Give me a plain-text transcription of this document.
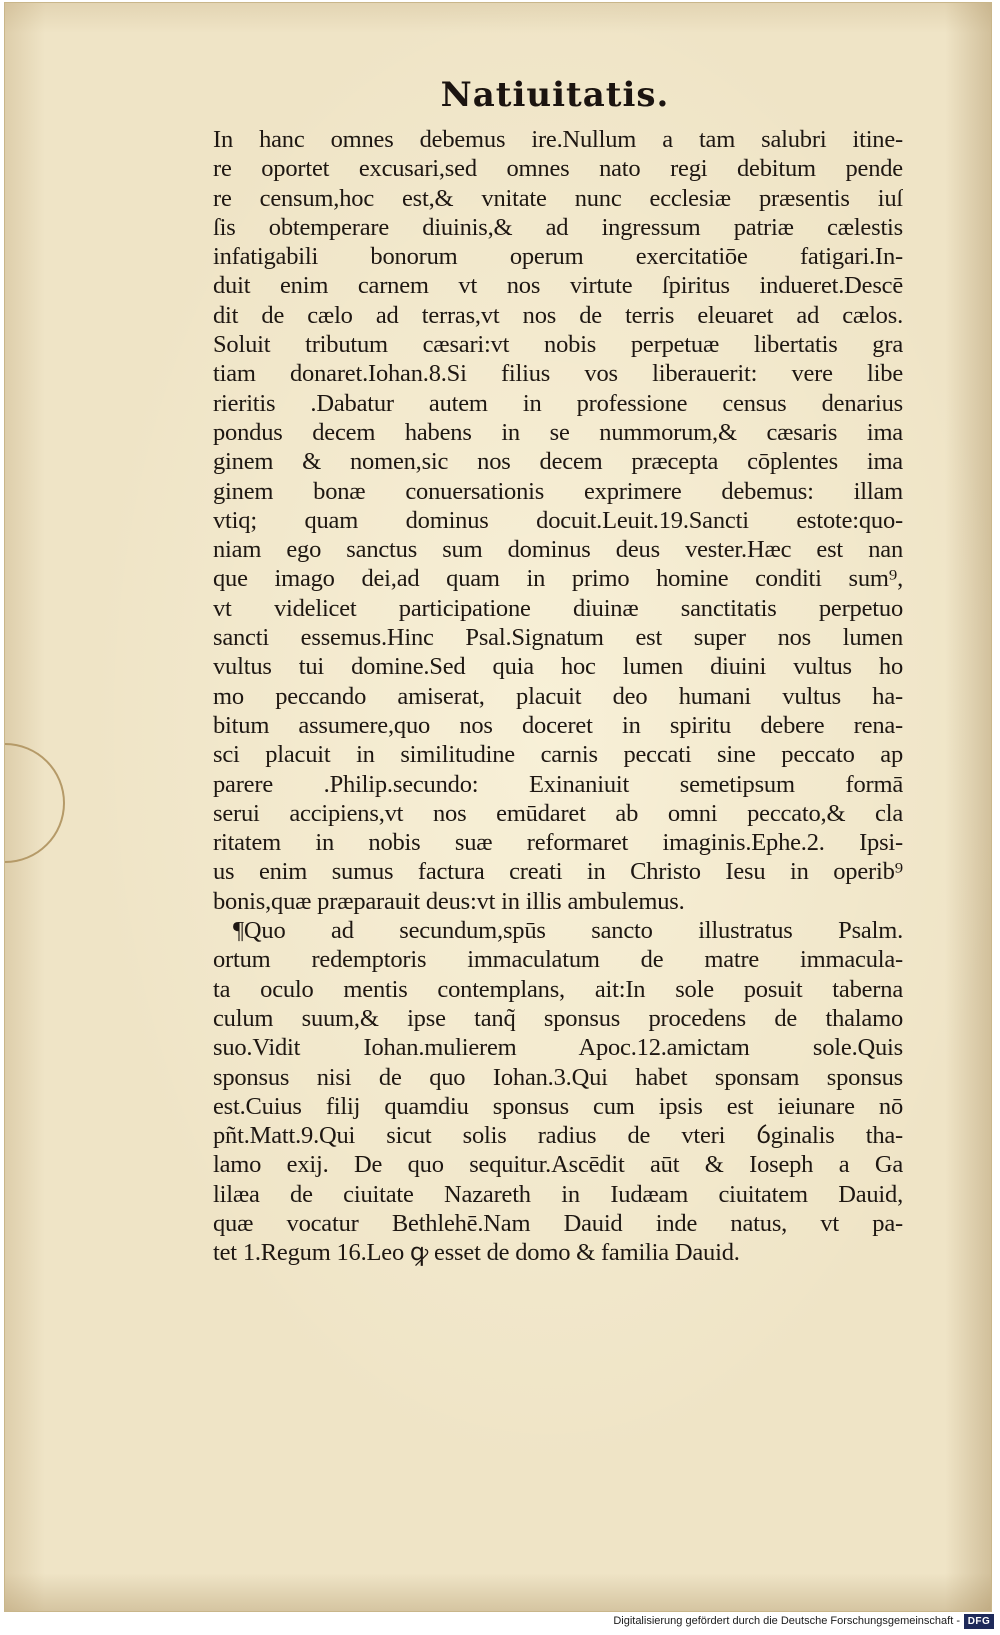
Natiuitatis.
In hanc omnes debemus ire.Nullum a tam salubri itine-
re oportet excusari,sed omnes nato regi debitum pende
re censum,hoc est,& vnitate nunc ecclesiæ præsentis iuſ
ſis obtemperare diuinis,& ad ingressum patriæ cælestis
infatigabili bonorum operum exercitatiōe fatigari.In-
duit enim carnem vt nos virtute ſpiritus indueret.Descē
dit de cælo ad terras,vt nos de terris eleuaret ad cælos.
Soluit tributum cæsari:vt nobis perpetuæ libertatis gra
tiam donaret.Iohan.8.Si filius vos liberauerit: vere libe
rieritis .Dabatur autem in professione census denarius
pondus decem habens in se nummorum,& cæsaris ima
ginem & nomen,sic nos decem præcepta cōplentes ima
ginem bonæ conuersationis exprimere debemus: illam
vtiq; quam dominus docuit.Leuit.19.Sancti estote:quo-
niam ego sanctus sum dominus deus vester.Hæc est nan
que imago dei,ad quam in primo homine conditi sum⁹,
vt videlicet participatione diuinæ sanctitatis perpetuo
sancti essemus.Hinc Psal.Signatum est super nos lumen
vultus tui domine.Sed quia hoc lumen diuini vultus ho
mo peccando amiserat, placuit deo humani vultus ha-
bitum assumere,quo nos doceret in spiritu debere rena-
sci placuit in similitudine carnis peccati sine peccato ap
parere .Philip.secundo: Exinaniuit semetipsum formā
serui accipiens,vt nos emūdaret ab omni peccato,& cla
ritatem in nobis suæ reformaret imaginis.Ephe.2. Ipsi-
us enim sumus factura creati in Christo Iesu in operib⁹
bonis,quæ præparauit deus:vt in illis ambulemus.
¶Quo ad secundum,spūs sancto illustratus Psalm.
ortum redemptoris immaculatum de matre immacula-
ta oculo mentis contemplans, ait:In sole posuit taberna
culum suum,& ipse tanq̃ sponsus procedens de thalamo
suo.Vidit Iohan.mulierem Apoc.12.amictam sole.Quis
sponsus nisi de quo Iohan.3.Qui habet sponsam sponsus
est.Cuius filij quamdiu sponsus cum ipsis est ieiunare nō
pñt.Matt.9.Qui sicut solis radius de vteri ỽginalis tha-
lamo exij. De quo sequitur.Ascēdit aūt & Ioseph a Ga
lilæa de ciuitate Nazareth in Iudæam ciuitatem Dauid,
quæ vocatur Bethlehē.Nam Dauid inde natus, vt pa-
tet 1.Regum 16.Leo ꝙ esset de domo & familia Dauid.
Digitalisierung gefördert durch die Deutsche Forschungsgemeinschaft - DFG
